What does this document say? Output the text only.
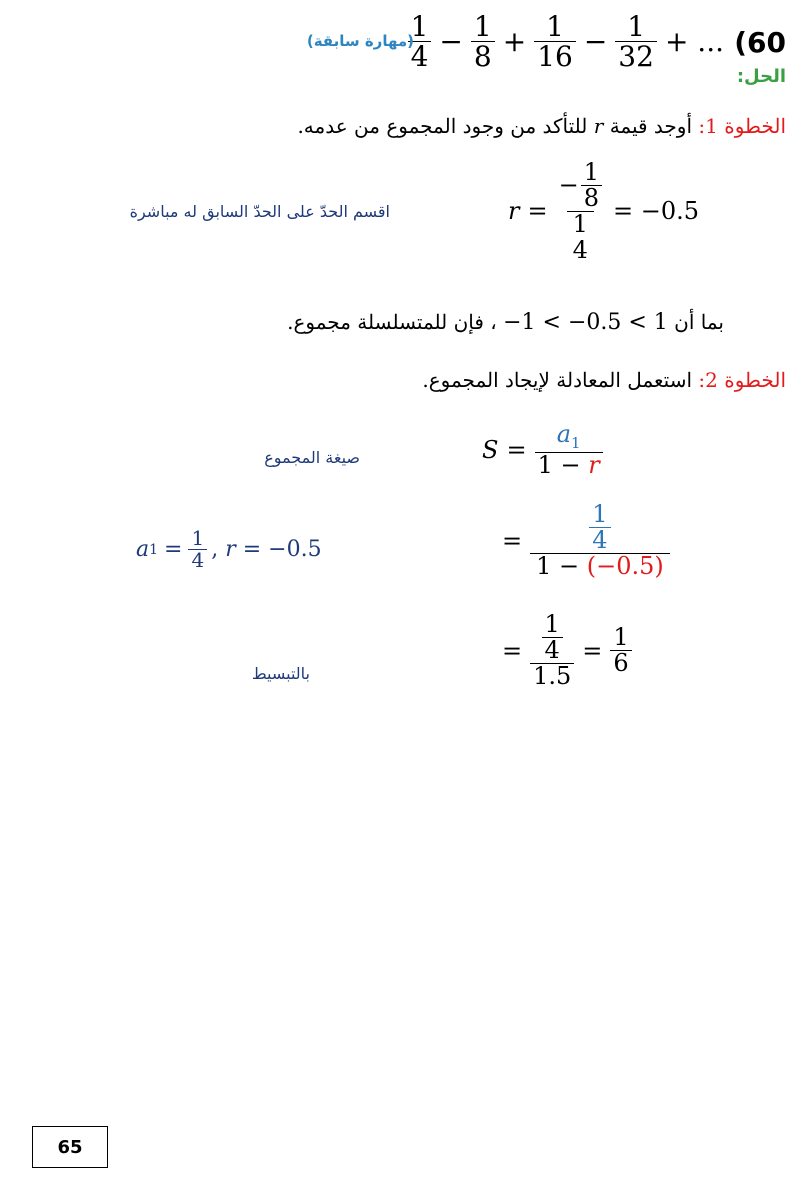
(60
$\frac{1}{4} - \frac{1}{8} + \frac{1}{16} - \frac{1}{32}$ + ...
(مهارة سابقة)
الحل:
الخطوة 1: أوجد قيمة r للتأكد من وجود المجموع من عدمه.
r = − $\frac{1}{8}$
1
4 = −0.5
اقسم الحدّ على الحدّ السابق له مباشرة
بما أن −1 < −0.5 < 1 ، فإن للمتسلسلة مجموع.
الخطوة 2: استعمل المعادلة لإيجاد المجموع.
$S = \frac{a_1}{1 - r}$
صيغة المجموع
= $\frac{\frac{1}{4}}{1 - (-0.5)}$
a $1 = \frac{1}{4}$ , r = −0.5
= $\frac{\frac{1}{4}}{1.5} = \frac{1}{6}$
بالتبسيط
65
